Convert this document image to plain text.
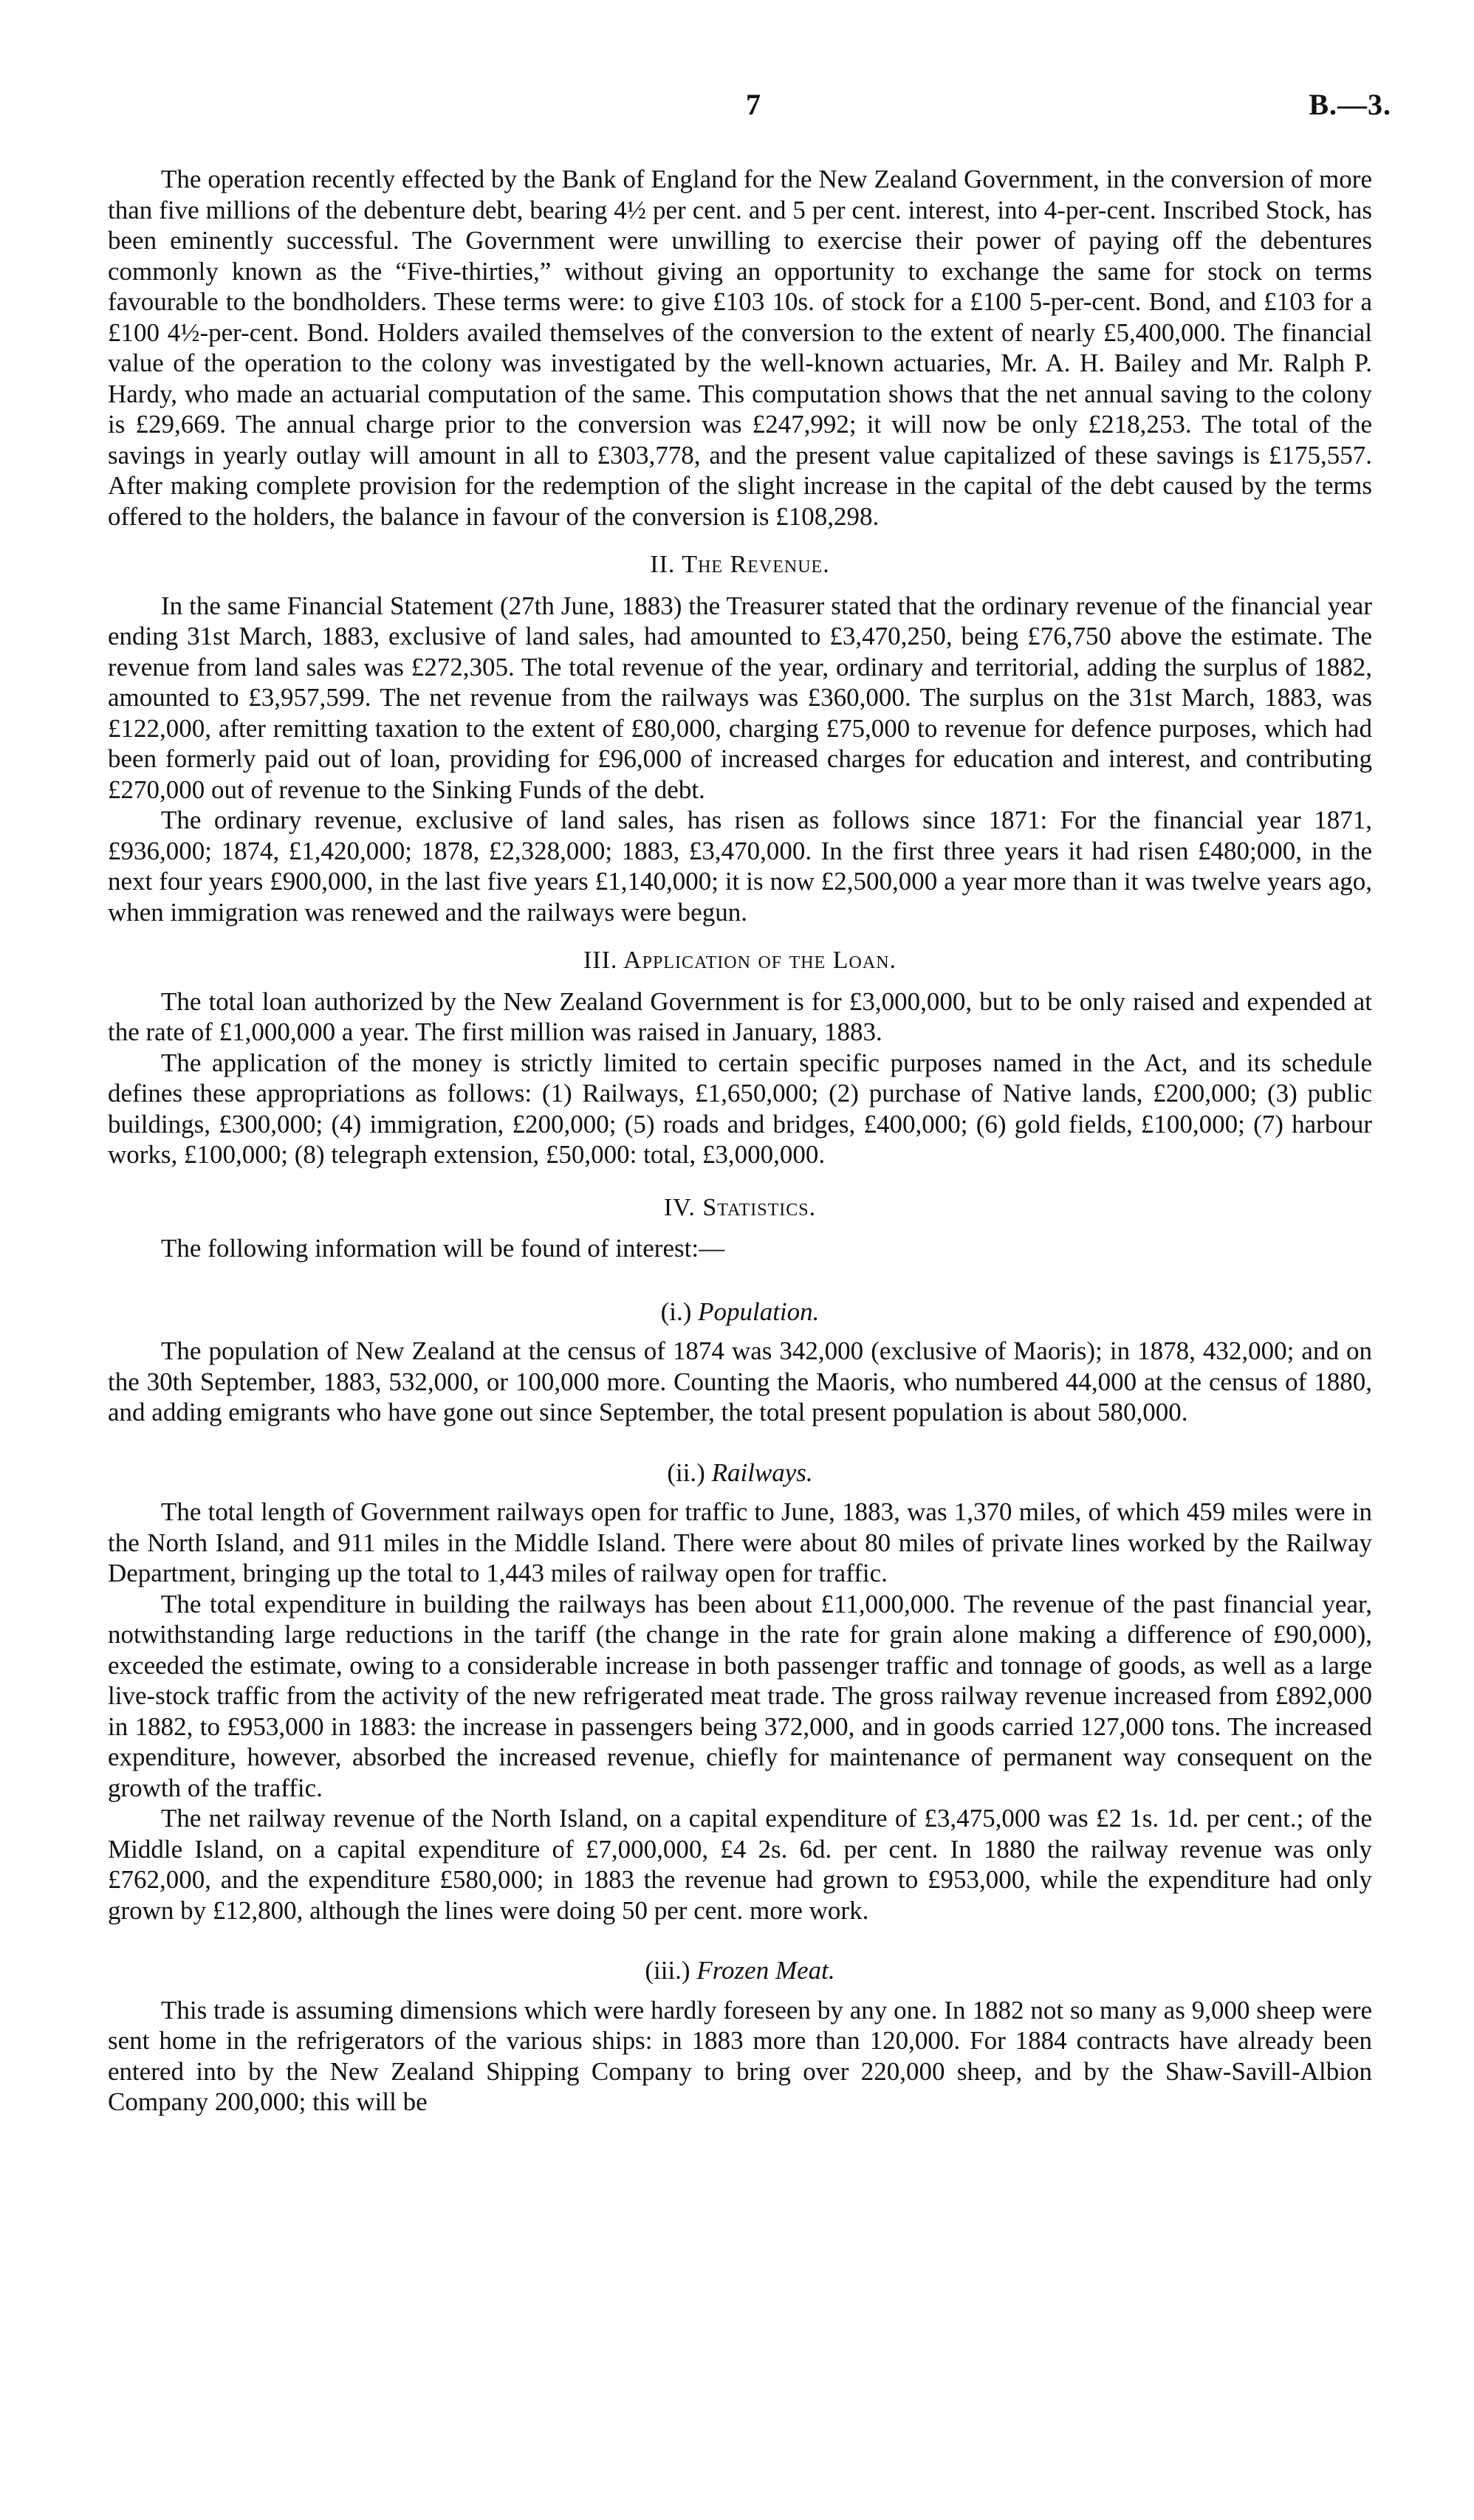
7	B.—3.

The operation recently effected by the Bank of England for the New Zealand Government, in the conversion of more than five millions of the debenture debt, bearing 4½ per cent. and 5 per cent. interest, into 4-per-cent. Inscribed Stock, has been eminently successful. The Government were unwilling to exercise their power of paying off the debentures commonly known as the “Five-thirties,” without giving an opportunity to exchange the same for stock on terms favourable to the bondholders. These terms were: to give £103 10s. of stock for a £100 5-per-cent. Bond, and £103 for a £100 4½-per-cent. Bond. Holders availed themselves of the conversion to the extent of nearly £5,400,000. The financial value of the operation to the colony was investigated by the well-known actuaries, Mr. A. H. Bailey and Mr. Ralph P. Hardy, who made an actuarial computation of the same. This computation shows that the net annual saving to the colony is £29,669. The annual charge prior to the conversion was £247,992; it will now be only £218,253. The total of the savings in yearly outlay will amount in all to £303,778, and the present value capitalized of these savings is £175,557. After making complete provision for the redemption of the slight increase in the capital of the debt caused by the terms offered to the holders, the balance in favour of the conversion is £108,298.

II. The Revenue.

In the same Financial Statement (27th June, 1883) the Treasurer stated that the ordinary revenue of the financial year ending 31st March, 1883, exclusive of land sales, had amounted to £3,470,250, being £76,750 above the estimate. The revenue from land sales was £272,305. The total revenue of the year, ordinary and territorial, adding the surplus of 1882, amounted to £3,957,599. The net revenue from the railways was £360,000. The surplus on the 31st March, 1883, was £122,000, after remitting taxation to the extent of £80,000, charging £75,000 to revenue for defence purposes, which had been formerly paid out of loan, providing for £96,000 of increased charges for education and interest, and contributing £270,000 out of revenue to the Sinking Funds of the debt.

The ordinary revenue, exclusive of land sales, has risen as follows since 1871: For the financial year 1871, £936,000; 1874, £1,420,000; 1878, £2,328,000; 1883, £3,470,000. In the first three years it had risen £480;000, in the next four years £900,000, in the last five years £1,140,000; it is now £2,500,000 a year more than it was twelve years ago, when immigration was renewed and the railways were begun.

III. Application of the Loan.

The total loan authorized by the New Zealand Government is for £3,000,000, but to be only raised and expended at the rate of £1,000,000 a year. The first million was raised in January, 1883.

The application of the money is strictly limited to certain specific purposes named in the Act, and its schedule defines these appropriations as follows: (1) Railways, £1,650,000; (2) purchase of Native lands, £200,000; (3) public buildings, £300,000; (4) immigration, £200,000; (5) roads and bridges, £400,000; (6) gold fields, £100,000; (7) harbour works, £100,000; (8) telegraph extension, £50,000: total, £3,000,000.

IV. Statistics.

The following information will be found of interest:—

(i.) Population.

The population of New Zealand at the census of 1874 was 342,000 (exclusive of Maoris); in 1878, 432,000; and on the 30th September, 1883, 532,000, or 100,000 more. Counting the Maoris, who numbered 44,000 at the census of 1880, and adding emigrants who have gone out since September, the total present population is about 580,000.

(ii.) Railways.

The total length of Government railways open for traffic to June, 1883, was 1,370 miles, of which 459 miles were in the North Island, and 911 miles in the Middle Island. There were about 80 miles of private lines worked by the Railway Department, bringing up the total to 1,443 miles of railway open for traffic.

The total expenditure in building the railways has been about £11,000,000. The revenue of the past financial year, notwithstanding large reductions in the tariff (the change in the rate for grain alone making a difference of £90,000), exceeded the estimate, owing to a considerable increase in both passenger traffic and tonnage of goods, as well as a large live-stock traffic from the activity of the new refrigerated meat trade. The gross railway revenue increased from £892,000 in 1882, to £953,000 in 1883: the increase in passengers being 372,000, and in goods carried 127,000 tons. The increased expenditure, however, absorbed the increased revenue, chiefly for maintenance of permanent way consequent on the growth of the traffic.

The net railway revenue of the North Island, on a capital expenditure of £3,475,000 was £2 1s. 1d. per cent.; of the Middle Island, on a capital expenditure of £7,000,000, £4 2s. 6d. per cent. In 1880 the railway revenue was only £762,000, and the expenditure £580,000; in 1883 the revenue had grown to £953,000, while the expenditure had only grown by £12,800, although the lines were doing 50 per cent. more work.

(iii.) Frozen Meat.

This trade is assuming dimensions which were hardly foreseen by any one. In 1882 not so many as 9,000 sheep were sent home in the refrigerators of the various ships: in 1883 more than 120,000. For 1884 contracts have already been entered into by the New Zealand Shipping Company to bring over 220,000 sheep, and by the Shaw-Savill-Albion Company 200,000; this will be
